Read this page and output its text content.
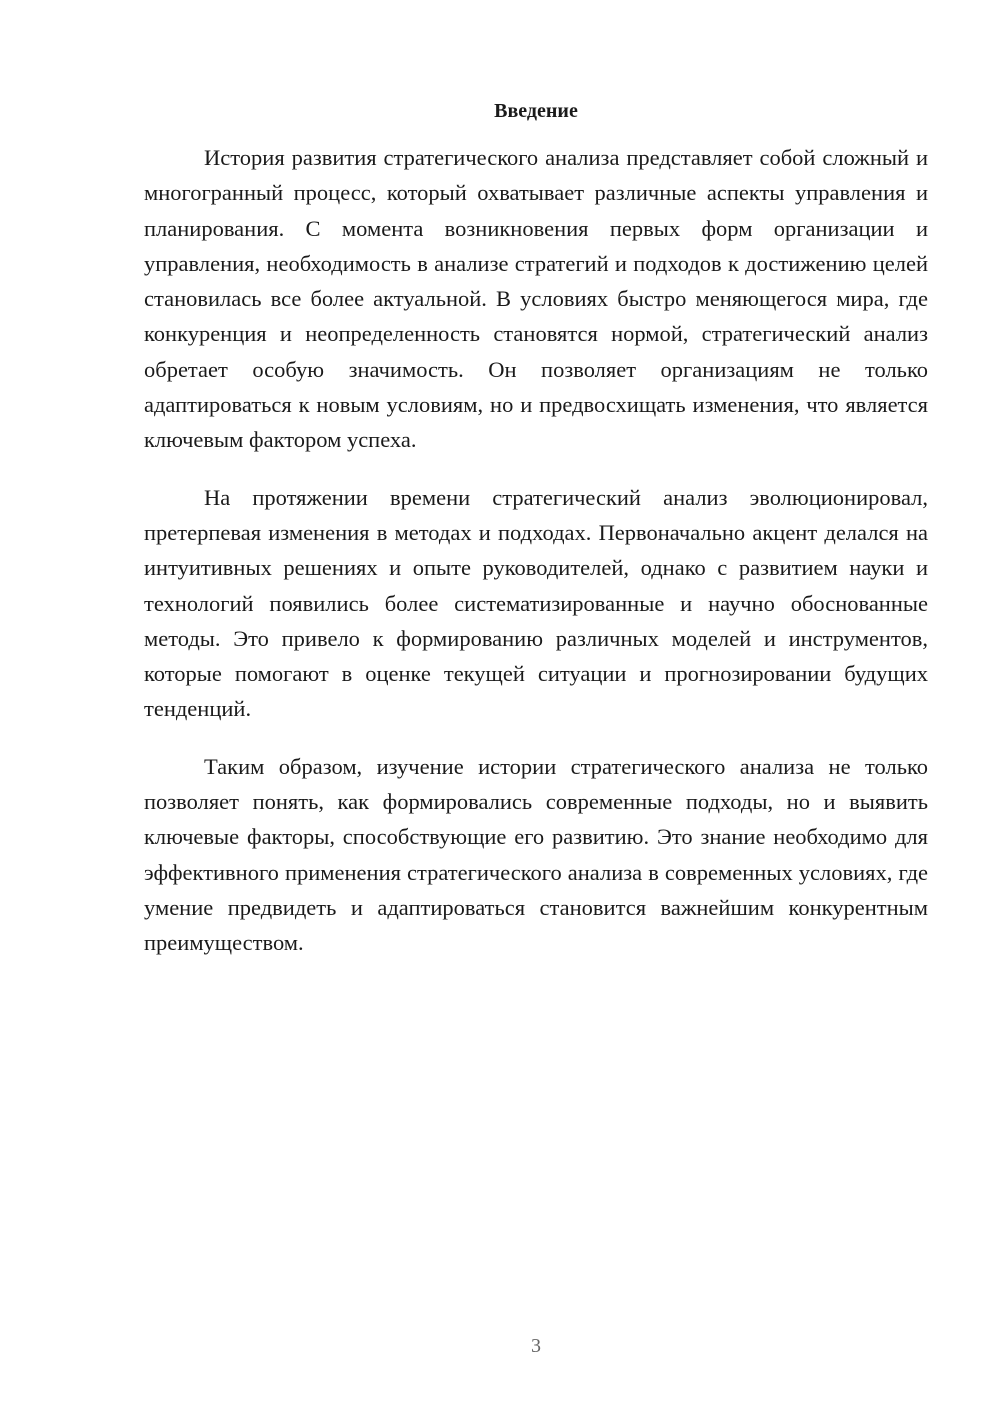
Введение

История развития стратегического анализа представляет собой сложный и многогранный процесс, который охватывает различные аспекты управления и планирования. С момента возникновения первых форм организации и управления, необходимость в анализе стратегий и подходов к достижению целей становилась все более актуальной. В условиях быстро меняющегося мира, где конкуренция и неопределенность становятся нормой, стратегический анализ обретает особую значимость. Он позволяет организациям не только адаптироваться к новым условиям, но и предвосхищать изменения, что является ключевым фактором успеха.

На протяжении времени стратегический анализ эволюционировал, претерпевая изменения в методах и подходах. Первоначально акцент делался на интуитивных решениях и опыте руководителей, однако с развитием науки и технологий появились более систематизированные и научно обоснованные методы. Это привело к формированию различных моделей и инструментов, которые помогают в оценке текущей ситуации и прогнозировании будущих тенденций.

Таким образом, изучение истории стратегического анализа не только позволяет понять, как формировались современные подходы, но и выявить ключевые факторы, способствующие его развитию. Это знание необходимо для эффективного применения стратегического анализа в современных условиях, где умение предвидеть и адаптироваться становится важнейшим конкурентным преимуществом.

3
